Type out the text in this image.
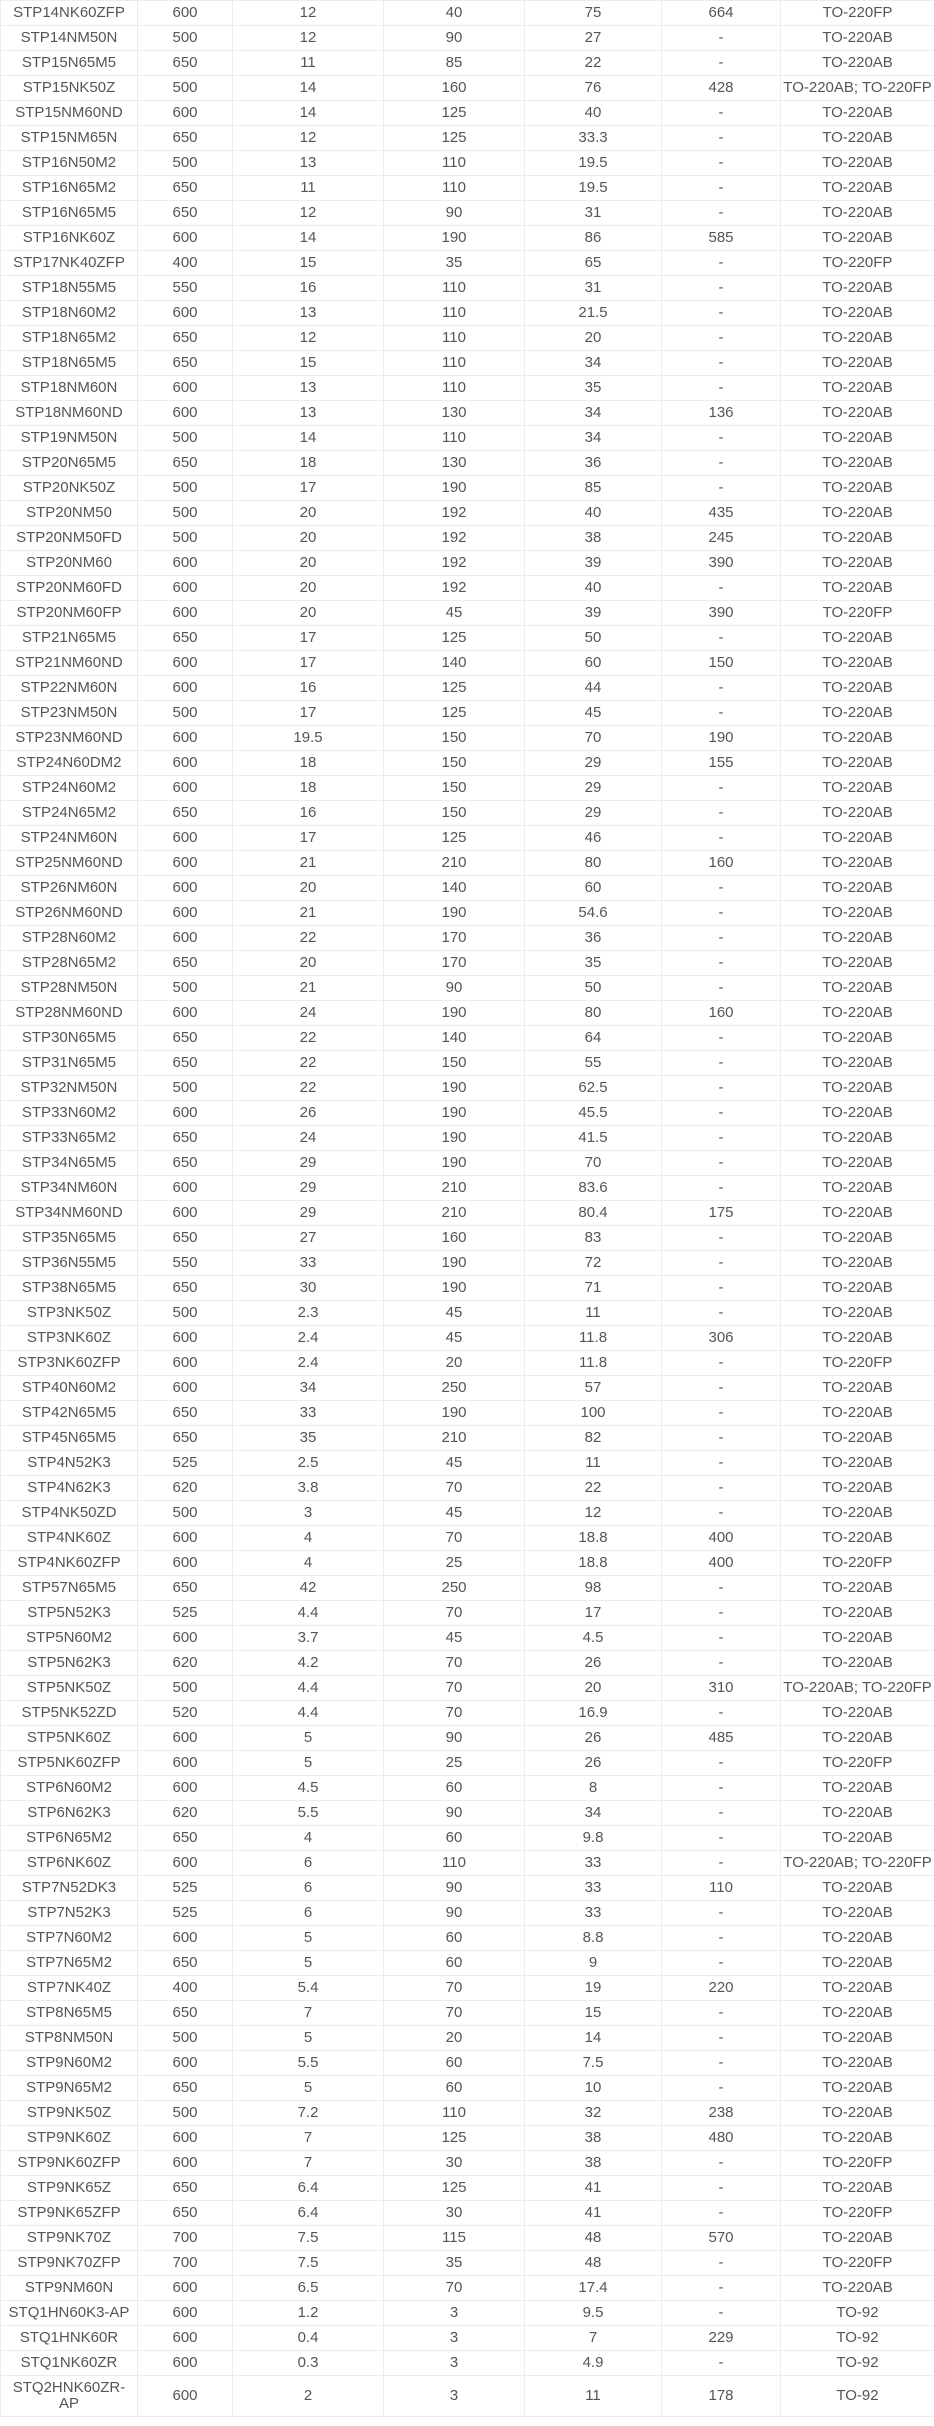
STP14NK60ZFP	600	12	40	75	664	TO-220FP
STP14NM50N	500	12	90	27	-	TO-220AB
STP15N65M5	650	11	85	22	-	TO-220AB
STP15NK50Z	500	14	160	76	428	TO-220AB; TO-220FP
STP15NM60ND	600	14	125	40	-	TO-220AB
STP15NM65N	650	12	125	33.3	-	TO-220AB
STP16N50M2	500	13	110	19.5	-	TO-220AB
STP16N65M2	650	11	110	19.5	-	TO-220AB
STP16N65M5	650	12	90	31	-	TO-220AB
STP16NK60Z	600	14	190	86	585	TO-220AB
STP17NK40ZFP	400	15	35	65	-	TO-220FP
STP18N55M5	550	16	110	31	-	TO-220AB
STP18N60M2	600	13	110	21.5	-	TO-220AB
STP18N65M2	650	12	110	20	-	TO-220AB
STP18N65M5	650	15	110	34	-	TO-220AB
STP18NM60N	600	13	110	35	-	TO-220AB
STP18NM60ND	600	13	130	34	136	TO-220AB
STP19NM50N	500	14	110	34	-	TO-220AB
STP20N65M5	650	18	130	36	-	TO-220AB
STP20NK50Z	500	17	190	85	-	TO-220AB
STP20NM50	500	20	192	40	435	TO-220AB
STP20NM50FD	500	20	192	38	245	TO-220AB
STP20NM60	600	20	192	39	390	TO-220AB
STP20NM60FD	600	20	192	40	-	TO-220AB
STP20NM60FP	600	20	45	39	390	TO-220FP
STP21N65M5	650	17	125	50	-	TO-220AB
STP21NM60ND	600	17	140	60	150	TO-220AB
STP22NM60N	600	16	125	44	-	TO-220AB
STP23NM50N	500	17	125	45	-	TO-220AB
STP23NM60ND	600	19.5	150	70	190	TO-220AB
STP24N60DM2	600	18	150	29	155	TO-220AB
STP24N60M2	600	18	150	29	-	TO-220AB
STP24N65M2	650	16	150	29	-	TO-220AB
STP24NM60N	600	17	125	46	-	TO-220AB
STP25NM60ND	600	21	210	80	160	TO-220AB
STP26NM60N	600	20	140	60	-	TO-220AB
STP26NM60ND	600	21	190	54.6	-	TO-220AB
STP28N60M2	600	22	170	36	-	TO-220AB
STP28N65M2	650	20	170	35	-	TO-220AB
STP28NM50N	500	21	90	50	-	TO-220AB
STP28NM60ND	600	24	190	80	160	TO-220AB
STP30N65M5	650	22	140	64	-	TO-220AB
STP31N65M5	650	22	150	55	-	TO-220AB
STP32NM50N	500	22	190	62.5	-	TO-220AB
STP33N60M2	600	26	190	45.5	-	TO-220AB
STP33N65M2	650	24	190	41.5	-	TO-220AB
STP34N65M5	650	29	190	70	-	TO-220AB
STP34NM60N	600	29	210	83.6	-	TO-220AB
STP34NM60ND	600	29	210	80.4	175	TO-220AB
STP35N65M5	650	27	160	83	-	TO-220AB
STP36N55M5	550	33	190	72	-	TO-220AB
STP38N65M5	650	30	190	71	-	TO-220AB
STP3NK50Z	500	2.3	45	11	-	TO-220AB
STP3NK60Z	600	2.4	45	11.8	306	TO-220AB
STP3NK60ZFP	600	2.4	20	11.8	-	TO-220FP
STP40N60M2	600	34	250	57	-	TO-220AB
STP42N65M5	650	33	190	100	-	TO-220AB
STP45N65M5	650	35	210	82	-	TO-220AB
STP4N52K3	525	2.5	45	11	-	TO-220AB
STP4N62K3	620	3.8	70	22	-	TO-220AB
STP4NK50ZD	500	3	45	12	-	TO-220AB
STP4NK60Z	600	4	70	18.8	400	TO-220AB
STP4NK60ZFP	600	4	25	18.8	400	TO-220FP
STP57N65M5	650	42	250	98	-	TO-220AB
STP5N52K3	525	4.4	70	17	-	TO-220AB
STP5N60M2	600	3.7	45	4.5	-	TO-220AB
STP5N62K3	620	4.2	70	26	-	TO-220AB
STP5NK50Z	500	4.4	70	20	310	TO-220AB; TO-220FP
STP5NK52ZD	520	4.4	70	16.9	-	TO-220AB
STP5NK60Z	600	5	90	26	485	TO-220AB
STP5NK60ZFP	600	5	25	26	-	TO-220FP
STP6N60M2	600	4.5	60	8	-	TO-220AB
STP6N62K3	620	5.5	90	34	-	TO-220AB
STP6N65M2	650	4	60	9.8	-	TO-220AB
STP6NK60Z	600	6	110	33	-	TO-220AB; TO-220FP
STP7N52DK3	525	6	90	33	110	TO-220AB
STP7N52K3	525	6	90	33	-	TO-220AB
STP7N60M2	600	5	60	8.8	-	TO-220AB
STP7N65M2	650	5	60	9	-	TO-220AB
STP7NK40Z	400	5.4	70	19	220	TO-220AB
STP8N65M5	650	7	70	15	-	TO-220AB
STP8NM50N	500	5	20	14	-	TO-220AB
STP9N60M2	600	5.5	60	7.5	-	TO-220AB
STP9N65M2	650	5	60	10	-	TO-220AB
STP9NK50Z	500	7.2	110	32	238	TO-220AB
STP9NK60Z	600	7	125	38	480	TO-220AB
STP9NK60ZFP	600	7	30	38	-	TO-220FP
STP9NK65Z	650	6.4	125	41	-	TO-220AB
STP9NK65ZFP	650	6.4	30	41	-	TO-220FP
STP9NK70Z	700	7.5	115	48	570	TO-220AB
STP9NK70ZFP	700	7.5	35	48	-	TO-220FP
STP9NM60N	600	6.5	70	17.4	-	TO-220AB
STQ1HN60K3-AP	600	1.2	3	9.5	-	TO-92
STQ1HNK60R	600	0.4	3	7	229	TO-92
STQ1NK60ZR	600	0.3	3	4.9	-	TO-92
STQ2HNK60ZR-AP	600	2	3	11	178	TO-92
